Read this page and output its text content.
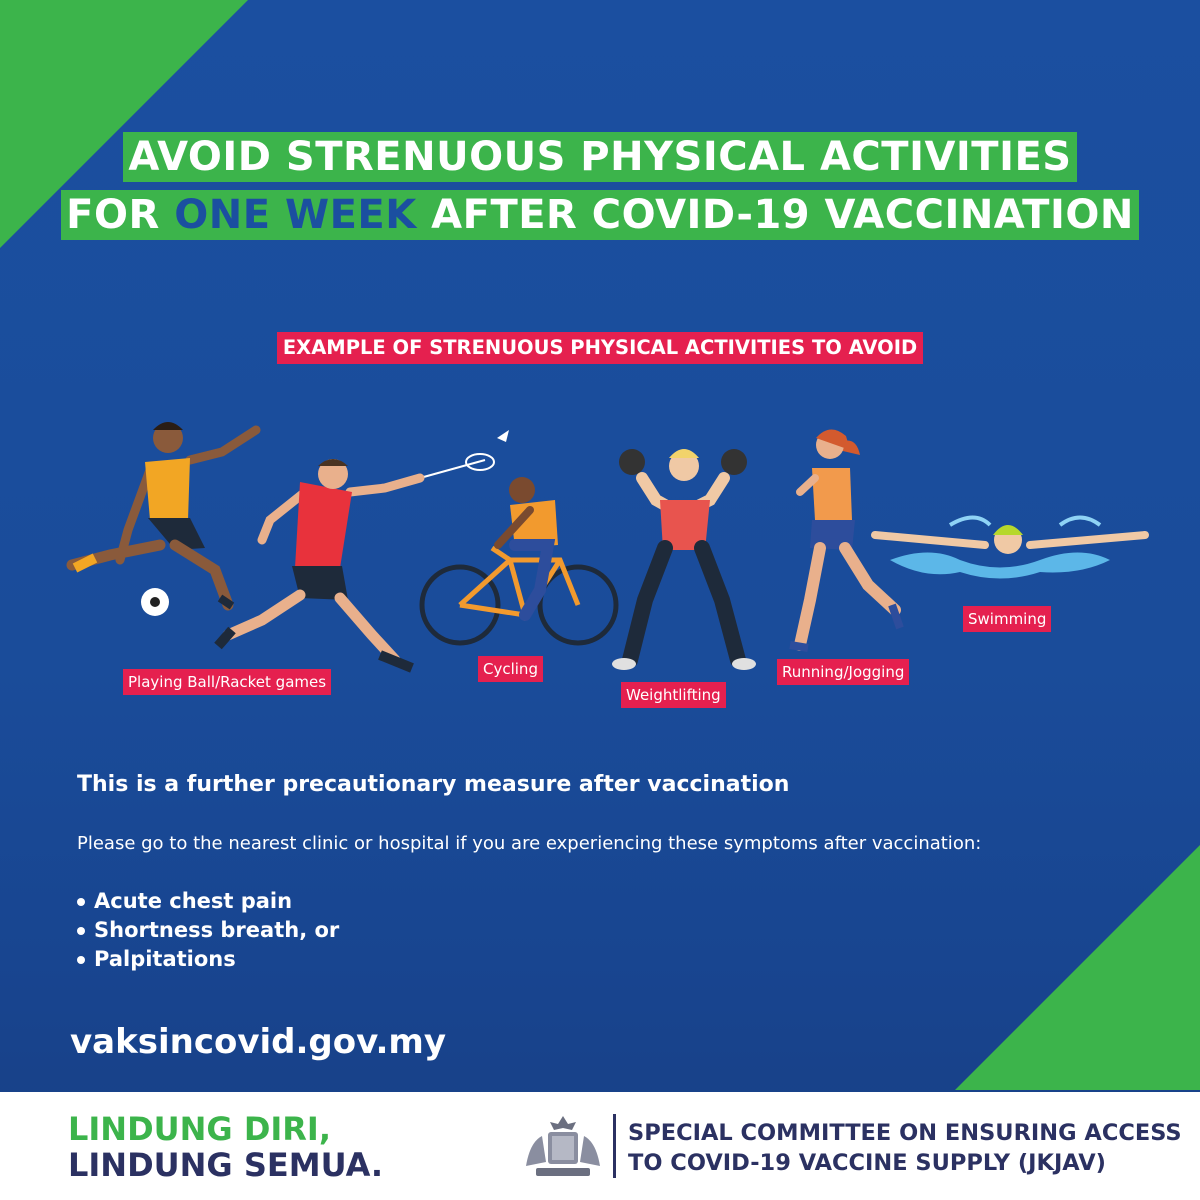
AVOID STRENUOUS PHYSICAL ACTIVITIES
FOR ONE WEEK AFTER COVID-19 VACCINATION
EXAMPLE OF STRENUOUS PHYSICAL ACTIVITIES TO AVOID
Playing Ball/Racket games
Cycling
Weightlifting
Running/Jogging
Swimming
This is a further precautionary measure after vaccination
Please go to the nearest clinic or hospital if you are experiencing these symptoms after vaccination:
Acute chest pain
Shortness breath, or
Palpitations
vaksincovid.gov.my
LINDUNG DIRI,
LINDUNG SEMUA.
SPECIAL COMMITTEE ON ENSURING ACCESS
TO COVID-19 VACCINE SUPPLY (JKJAV)
